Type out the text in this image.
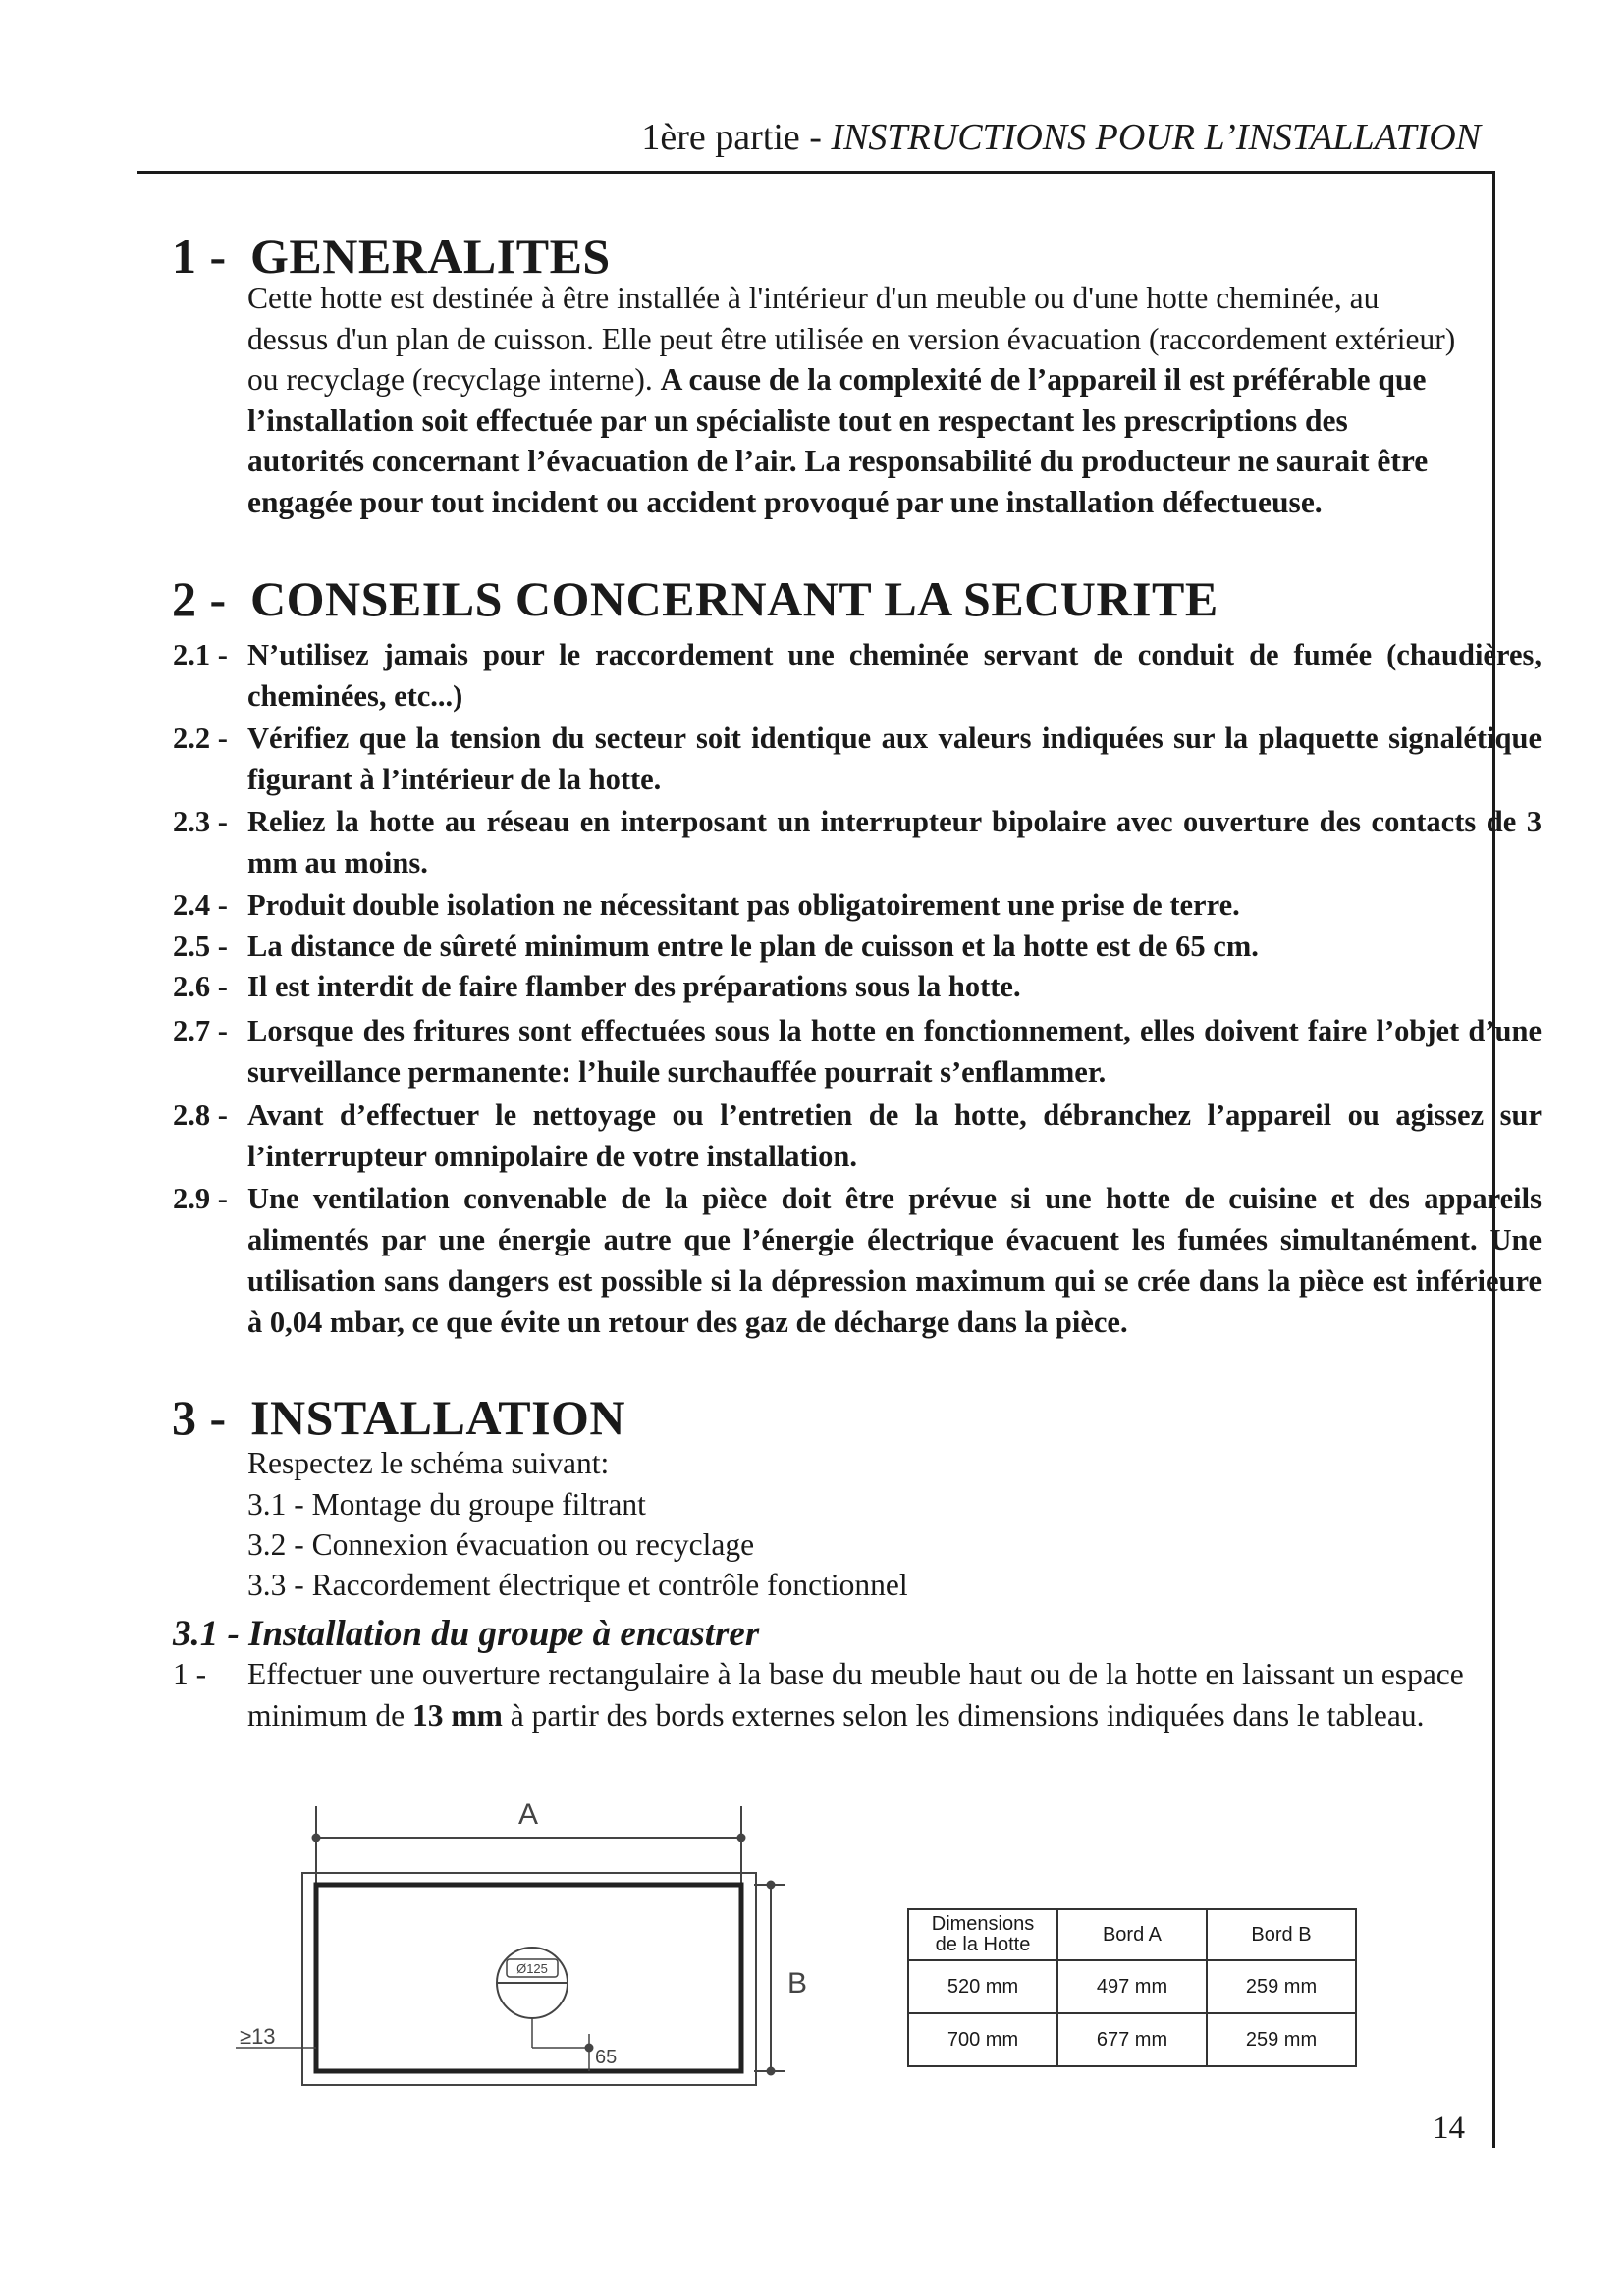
1ère partie - INSTRUCTIONS POUR L’INSTALLATION
1 - GENERALITES
Cette hotte est destinée à être installée à l'intérieur d'un meuble ou d'une hotte cheminée, au dessus d'un plan de cuisson. Elle peut être utilisée en version évacuation (raccordement extérieur) ou recyclage (recyclage interne). A cause de la complexité de l’appareil il est préférable que l’installation soit effectuée par un spécialiste tout en respectant les prescriptions des autorités concernant l’évacuation de l’air. La responsabilité du producteur ne saurait être engagée pour tout incident ou accident provoqué par une installation défectueuse.
2 - CONSEILS CONCERNANT LA SECURITE
2.1 - N’utilisez jamais pour le raccordement une cheminée servant de conduit de fumée (chaudières, cheminées, etc...)
2.2 - Vérifiez que la tension du secteur soit identique aux valeurs indiquées sur la plaquette signalétique figurant à l’intérieur de la hotte.
2.3 - Reliez la hotte au réseau en interposant un interrupteur bipolaire avec ouverture des contacts de 3 mm au moins.
2.4 - Produit double isolation ne nécessitant pas obligatoirement une prise de terre.
2.5 - La distance de sûreté minimum entre le plan de cuisson et la hotte est de 65 cm.
2.6 - Il est interdit de faire flamber des préparations sous la hotte.
2.7 - Lorsque des fritures sont effectuées sous la hotte en fonctionnement, elles doivent faire l’objet d’une surveillance permanente: l’huile surchauffée pourrait s’enflammer.
2.8 - Avant d’effectuer le nettoyage ou l’entretien de la hotte, débranchez l’appareil ou agissez sur l’interrupteur omnipolaire de votre installation.
2.9 - Une ventilation convenable de la pièce doit être prévue si une hotte de cuisine et des appareils alimentés par une énergie autre que l’énergie électrique évacuent les fumées simultanément. Une utilisation sans dangers est possible si la dépression maximum qui se crée dans la pièce est inférieure à 0,04 mbar, ce que évite un retour des gaz de décharge dans la pièce.
3 - INSTALLATION
Respectez le schéma suivant:
3.1 - Montage du groupe filtrant
3.2 - Connexion évacuation ou recyclage
3.3 - Raccordement électrique et contrôle fonctionnel
3.1 - Installation du groupe à encastrer
1 - Effectuer une ouverture rectangulaire à la base du meuble haut ou de la hotte en laissant un espace minimum de 13 mm à partir des bords externes selon les dimensions indiquées dans le tableau.
A
B
≥13
65
Ø125
Dimensions
de la Hotte	Bord A	Bord B
520 mm	497 mm	259 mm
700 mm	677 mm	259 mm
14
